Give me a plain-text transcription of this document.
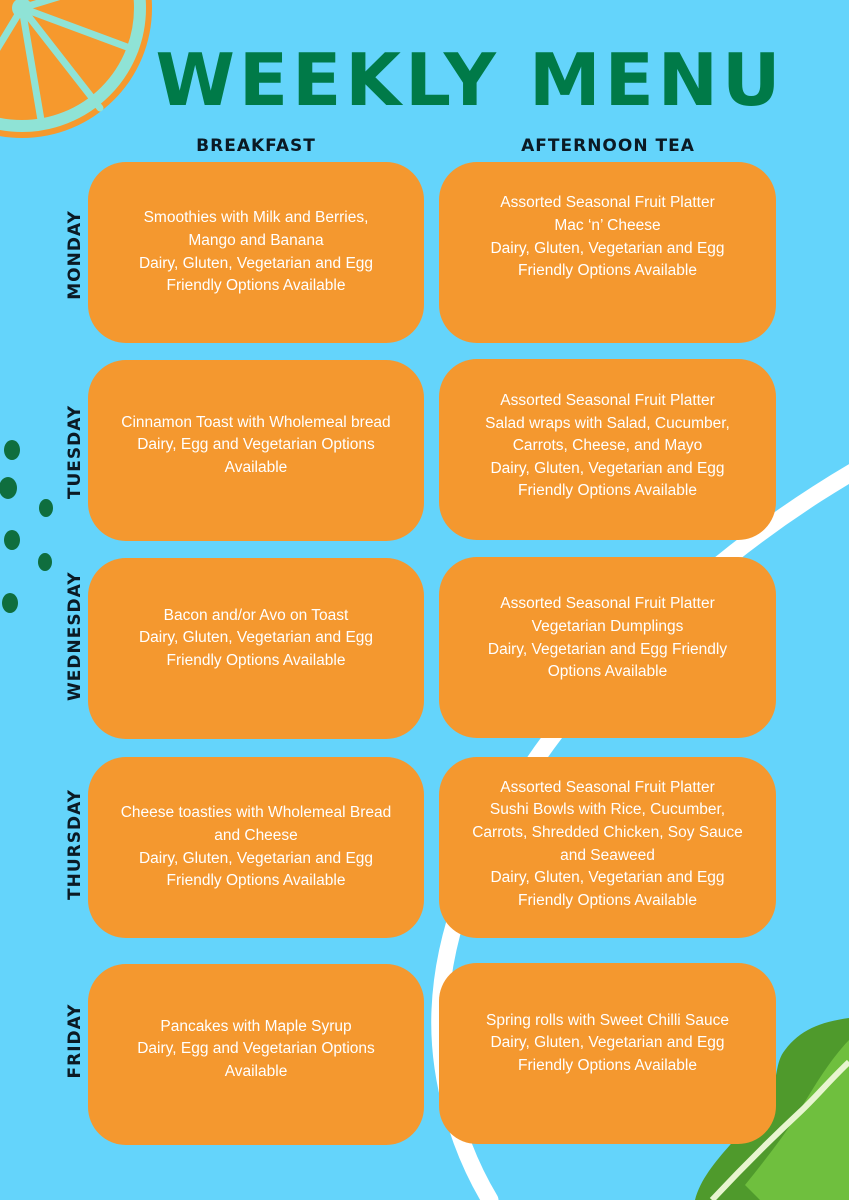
WEEKLY MENU
BREAKFAST	AFTERNOON TEA
MONDAY
TUESDAY
WEDNESDAY
THURSDAY
FRIDAY
Smoothies with Milk and Berries,
Mango and Banana
Dairy, Gluten, Vegetarian and Egg
Friendly Options Available
Assorted Seasonal Fruit Platter
Mac ‘n’ Cheese
Dairy, Gluten, Vegetarian and Egg
Friendly Options Available
Cinnamon Toast with Wholemeal bread
Dairy, Egg and Vegetarian Options
Available
Assorted Seasonal Fruit Platter
Salad wraps with Salad, Cucumber,
Carrots, Cheese, and Mayo
Dairy, Gluten, Vegetarian and Egg
Friendly Options Available
Bacon and/or Avo on Toast
Dairy, Gluten, Vegetarian and Egg
Friendly Options Available
Assorted Seasonal Fruit Platter
Vegetarian Dumplings
Dairy, Vegetarian and Egg Friendly
Options Available
Cheese toasties with Wholemeal Bread
and Cheese
Dairy, Gluten, Vegetarian and Egg
Friendly Options Available
Assorted Seasonal Fruit Platter
Sushi Bowls with Rice, Cucumber,
Carrots, Shredded Chicken, Soy Sauce
and Seaweed
Dairy, Gluten, Vegetarian and Egg
Friendly Options Available
Pancakes with Maple Syrup
Dairy, Egg and Vegetarian Options
Available
Spring rolls with Sweet Chilli Sauce
Dairy, Gluten, Vegetarian and Egg
Friendly Options Available
